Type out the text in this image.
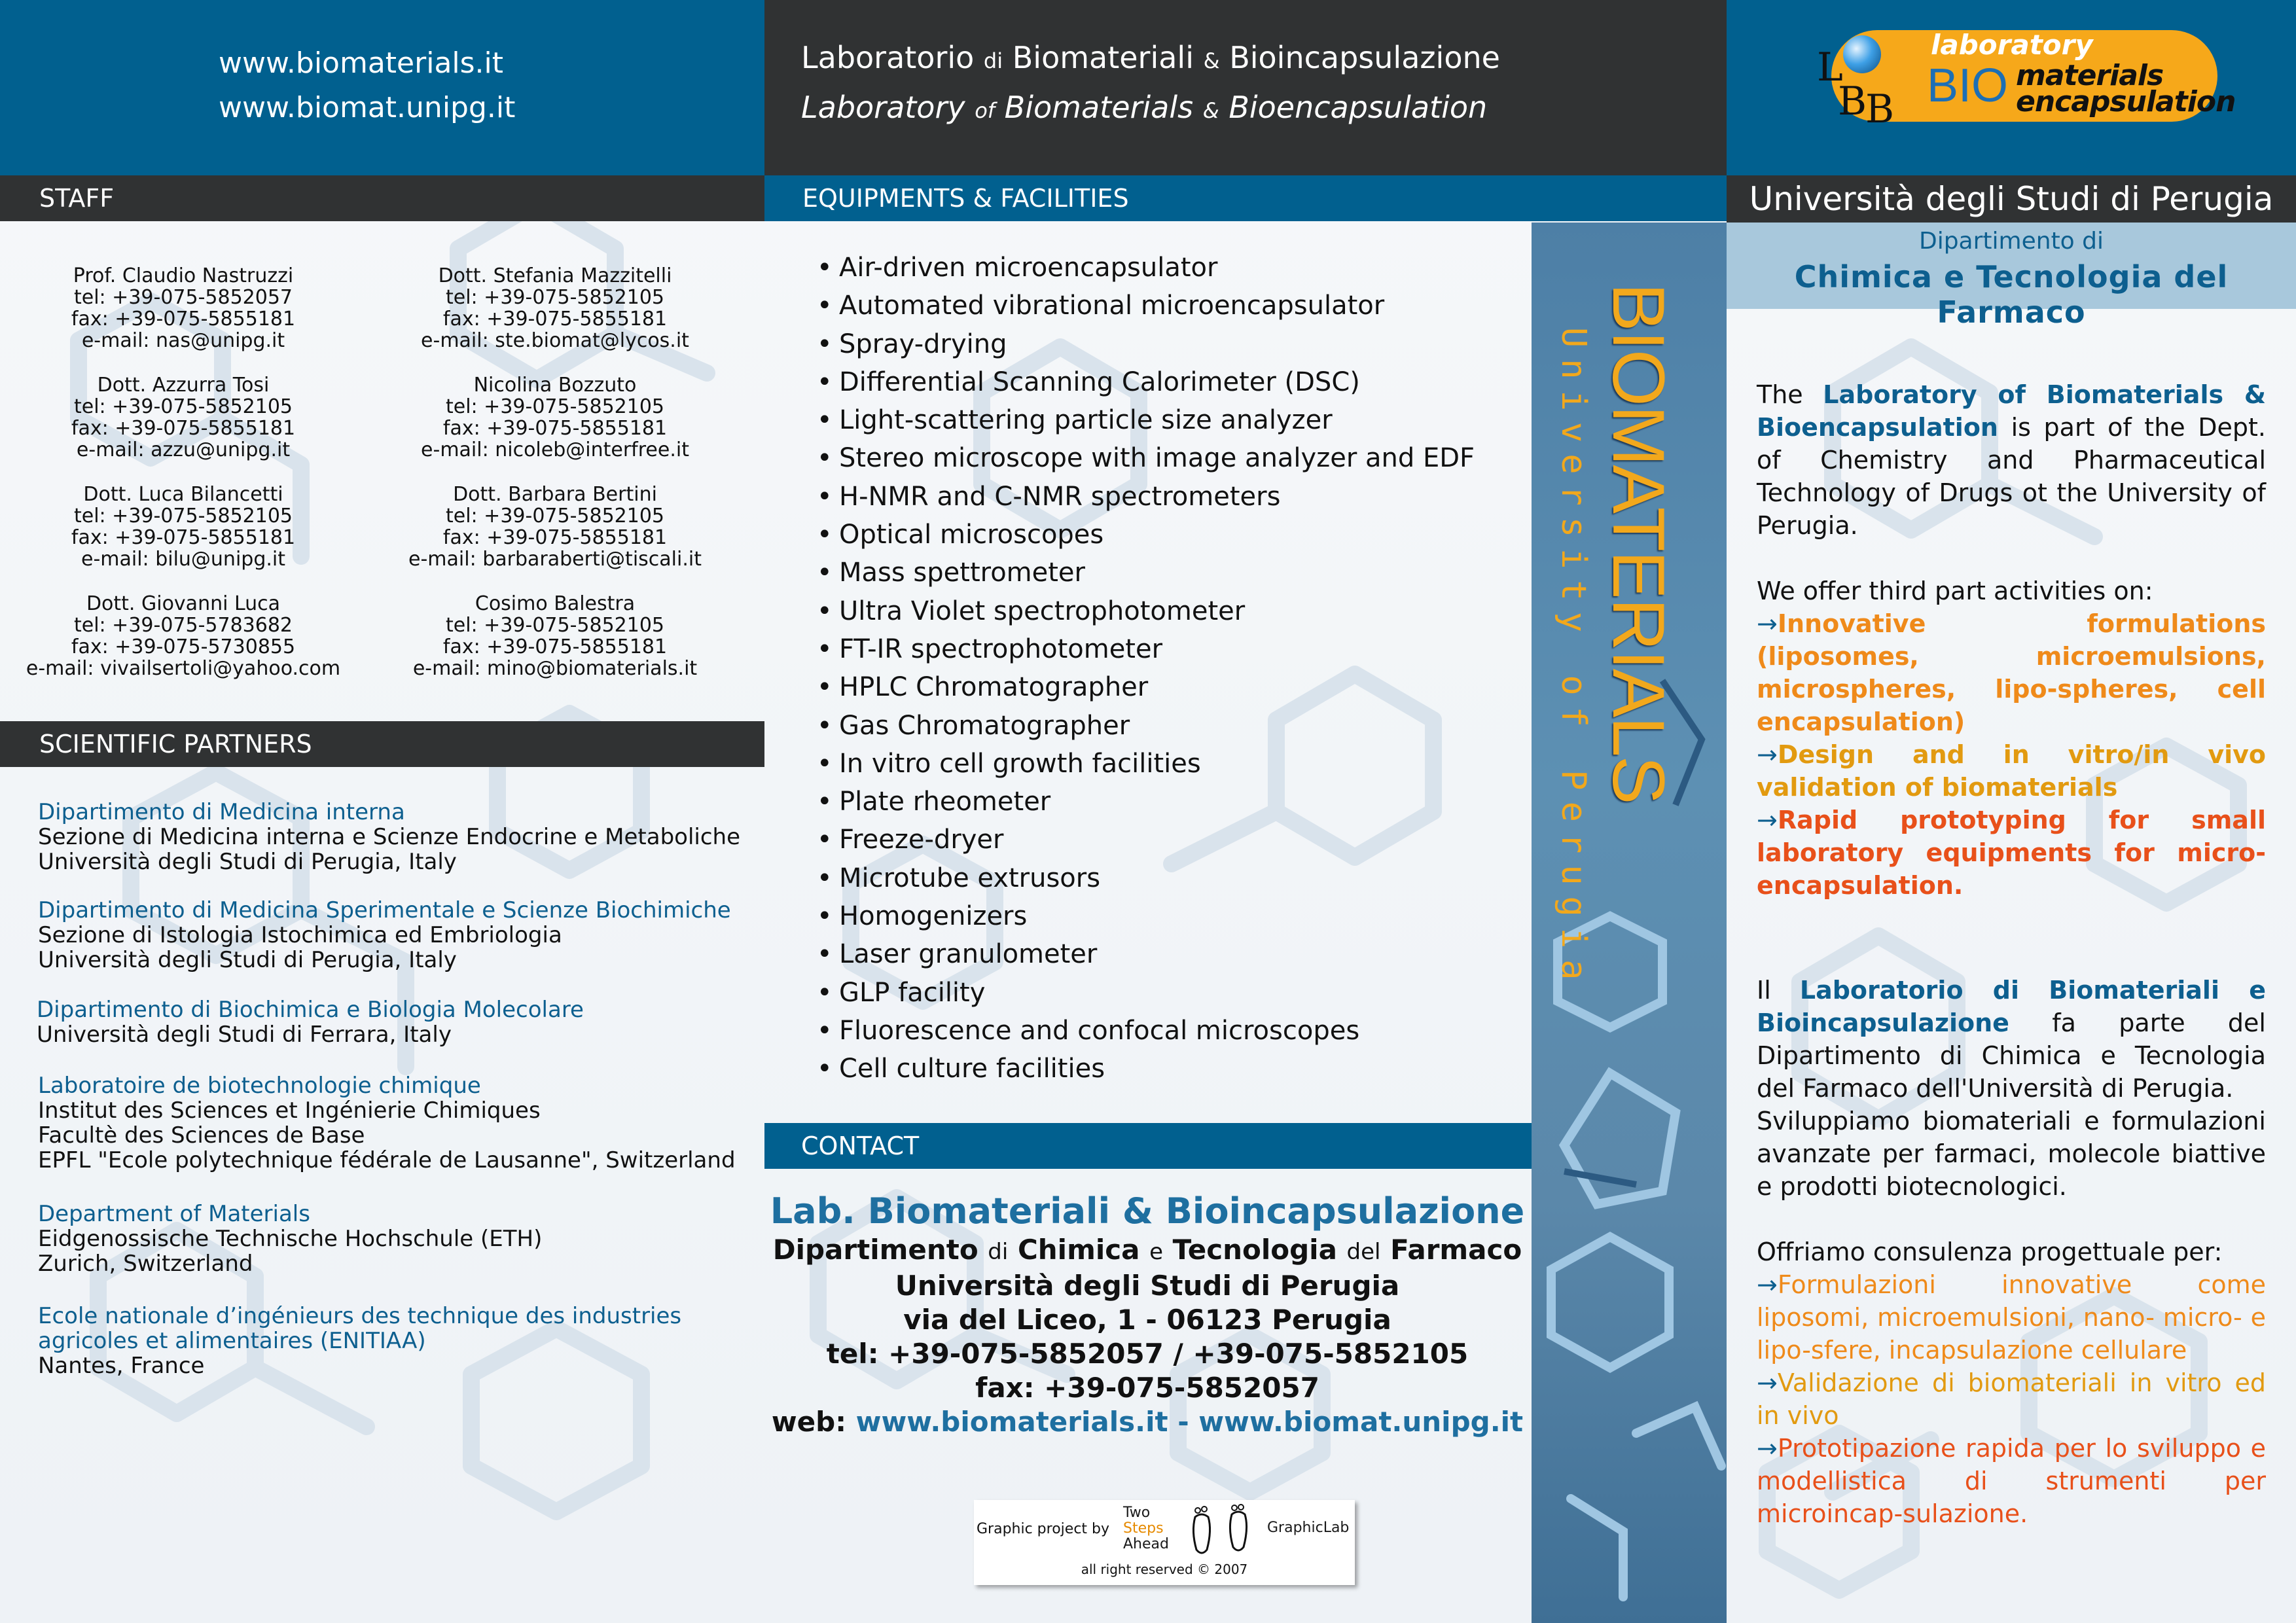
www.biomaterials.it
www.biomat.unipg.it
Laboratorio di Biomateriali & Bioincapsulazione
Laboratory of Biomaterials & Bioencapsulation
L
B
B
laboratory
BIO materials
encapsulation
STAFF	EQUIPMENTS & FACILITIES	Università degli Studi di Perugia
Dipartimento di
Chimica e Tecnologia del Farmaco
Prof. Claudio Nastruzzi
tel: +39-075-5852057
fax: +39-075-5855181
e-mail: nas@unipg.it
Dott. Stefania Mazzitelli
tel: +39-075-5852105
fax: +39-075-5855181
e-mail: ste.biomat@lycos.it
Dott. Azzurra Tosi
tel: +39-075-5852105
fax: +39-075-5855181
e-mail: azzu@unipg.it
Nicolina Bozzuto
tel: +39-075-5852105
fax: +39-075-5855181
e-mail: nicoleb@interfree.it
Dott. Luca Bilancetti
tel: +39-075-5852105
fax: +39-075-5855181
e-mail: bilu@unipg.it
Dott. Barbara Bertini
tel: +39-075-5852105
fax: +39-075-5855181
e-mail: barbaraberti@tiscali.it
Dott. Giovanni Luca
tel: +39-075-5783682
fax: +39-075-5730855
e-mail: vivailsertoli@yahoo.com
Cosimo Balestra
tel: +39-075-5852105
fax: +39-075-5855181
e-mail: mino@biomaterials.it
SCIENTIFIC PARTNERS
Dipartimento di Medicina interna
Sezione di Medicina interna e Scienze Endocrine e Metaboliche
Università degli Studi di Perugia, Italy
Dipartimento di Medicina Sperimentale e Scienze Biochimiche
Sezione di Istologia Istochimica ed Embriologia
Università degli Studi di Perugia, Italy
Dipartimento di Biochimica e Biologia Molecolare
Università degli Studi di Ferrara, Italy
Laboratoire de biotechnologie chimique
Institut des Sciences et Ingénierie Chimiques
Facultè des Sciences de Base
EPFL "Ecole polytechnique fédérale de Lausanne", Switzerland
Department of Materials
Eidgenossische Technische Hochschule (ETH)
Zurich, Switzerland
Ecole nationale d’ingénieurs des technique des industries agricoles et alimentaires (ENITIAA)
Nantes, France
• Air-driven microencapsulator
• Automated vibrational microencapsulator
• Spray-drying
• Differential Scanning Calorimeter (DSC)
• Light-scattering particle size analyzer
• Stereo microscope with image analyzer and EDF
• H-NMR and C-NMR spectrometers
• Optical microscopes
• Mass spettrometer
• Ultra Violet spectrophotometer
• FT-IR spectrophotometer
• HPLC Chromatographer
• Gas Chromatographer
• In vitro cell growth facilities
• Plate rheometer
• Freeze-dryer
• Microtube extrusors
• Homogenizers
• Laser granulometer
• GLP facility
• Fluorescence and confocal microscopes
• Cell culture facilities
CONTACT
Lab. Biomateriali & Bioincapsulazione
Dipartimento di Chimica e Tecnologia del Farmaco
Università degli Studi di Perugia
via del Liceo, 1 - 06123 Perugia
tel: +39-075-5852057 / +39-075-5852105
fax: +39-075-5852057
web: www.biomaterials.it - www.biomat.unipg.it
Graphic project by
Two
Steps
Ahead
GraphicLab
all right reserved © 2007
BIOMATERIALS
University of Perugia	The Laboratory of Biomaterials & Bioencapsulation is part of the Dept. of Chemistry and Pharmaceutical Technology of Drugs ot the University of Perugia.
We offer third part activities on:
→Innovative formulations (liposomes, microemulsions, microspheres, lipo-spheres, cell encapsulation)
→Design and in vitro/in vivo validation of biomaterials
→Rapid prototyping for small laboratory equipments for micro-encapsulation.
Il Laboratorio di Biomateriali e Bioincapsulazione fa parte del Dipartimento di Chimica e Tecnologia del Farmaco dell'Università di Perugia.
Sviluppiamo biomateriali e formulazioni avanzate per farmaci, molecole biattive e prodotti biotecnologici.
Offriamo consulenza progettuale per:
→Formulazioni innovative come liposomi, microemulsioni, nano- micro- e lipo-sfere, incapsulazione cellulare
→Validazione di biomateriali in vitro ed in vivo
→Prototipazione rapida per lo sviluppo e modellistica di strumenti per microincap-sulazione.
